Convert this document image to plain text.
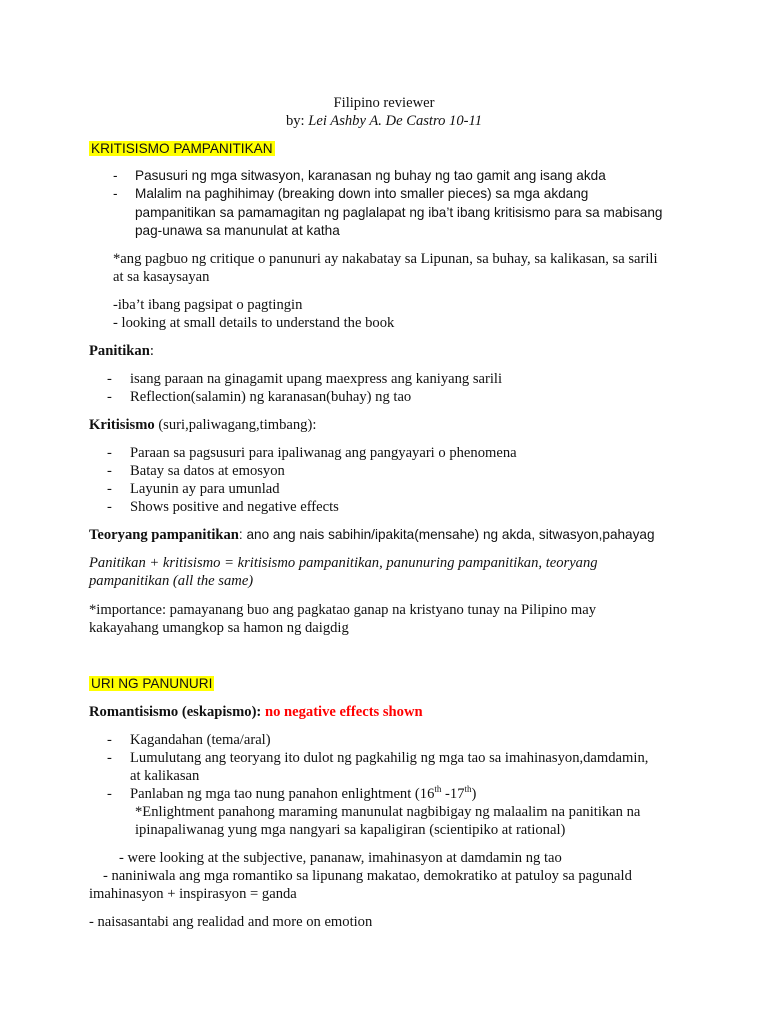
Filipino reviewer
by: Lei Ashby A. De Castro 10-11
KRITISISMO PAMPANITIKAN
- Pasusuri ng mga sitwasyon, karanasan ng buhay ng tao gamit ang isang akda
- Malalim na paghihimay (breaking down into smaller pieces) sa mga akdang
pampanitikan sa pamamagitan ng paglalapat ng iba’t ibang kritisismo para sa mabisang
pag-unawa sa manunulat at katha
*ang pagbuo ng critique o panunuri ay nakabatay sa Lipunan, sa buhay, sa kalikasan, sa sarili
at sa kasaysayan
-iba’t ibang pagsipat o pagtingin
- looking at small details to understand the book
Panitikan:
- isang paraan na ginagamit upang maexpress ang kaniyang sarili
- Reflection(salamin) ng karanasan(buhay) ng tao
Kritisismo (suri,paliwagang,timbang):
- Paraan sa pagsusuri para ipaliwanag ang pangyayari o phenomena
- Batay sa datos at emosyon
- Layunin ay para umunlad
- Shows positive and negative effects
Teoryang pampanitikan: ano ang nais sabihin/ipakita(mensahe) ng akda, sitwasyon,pahayag
Panitikan + kritisismo = kritisismo pampanitikan, panunuring pampanitikan, teoryang
pampanitikan (all the same)
*importance: pamayanang buo ang pagkatao ganap na kristyano tunay na Pilipino may
kakayahang umangkop sa hamon ng daigdig
URI NG PANUNURI
Romantisismo (eskapismo): no negative effects shown
- Kagandahan (tema/aral)
- Lumulutang ang teoryang ito dulot ng pagkahilig ng mga tao sa imahinasyon,damdamin,
at kalikasan
- Panlaban ng mga tao nung panahon enlightment (16th -17th)
*Enlightment panahong maraming manunulat nagbibigay ng malaalim na panitikan na
ipinapaliwanag yung mga nangyari sa kapaligiran (scientipiko at rational)
- were looking at the subjective, pananaw, imahinasyon at damdamin ng tao
- naniniwala ang mga romantiko sa lipunang makatao, demokratiko at patuloy sa pagunald
imahinasyon + inspirasyon = ganda
- naisasantabi ang realidad and more on emotion
